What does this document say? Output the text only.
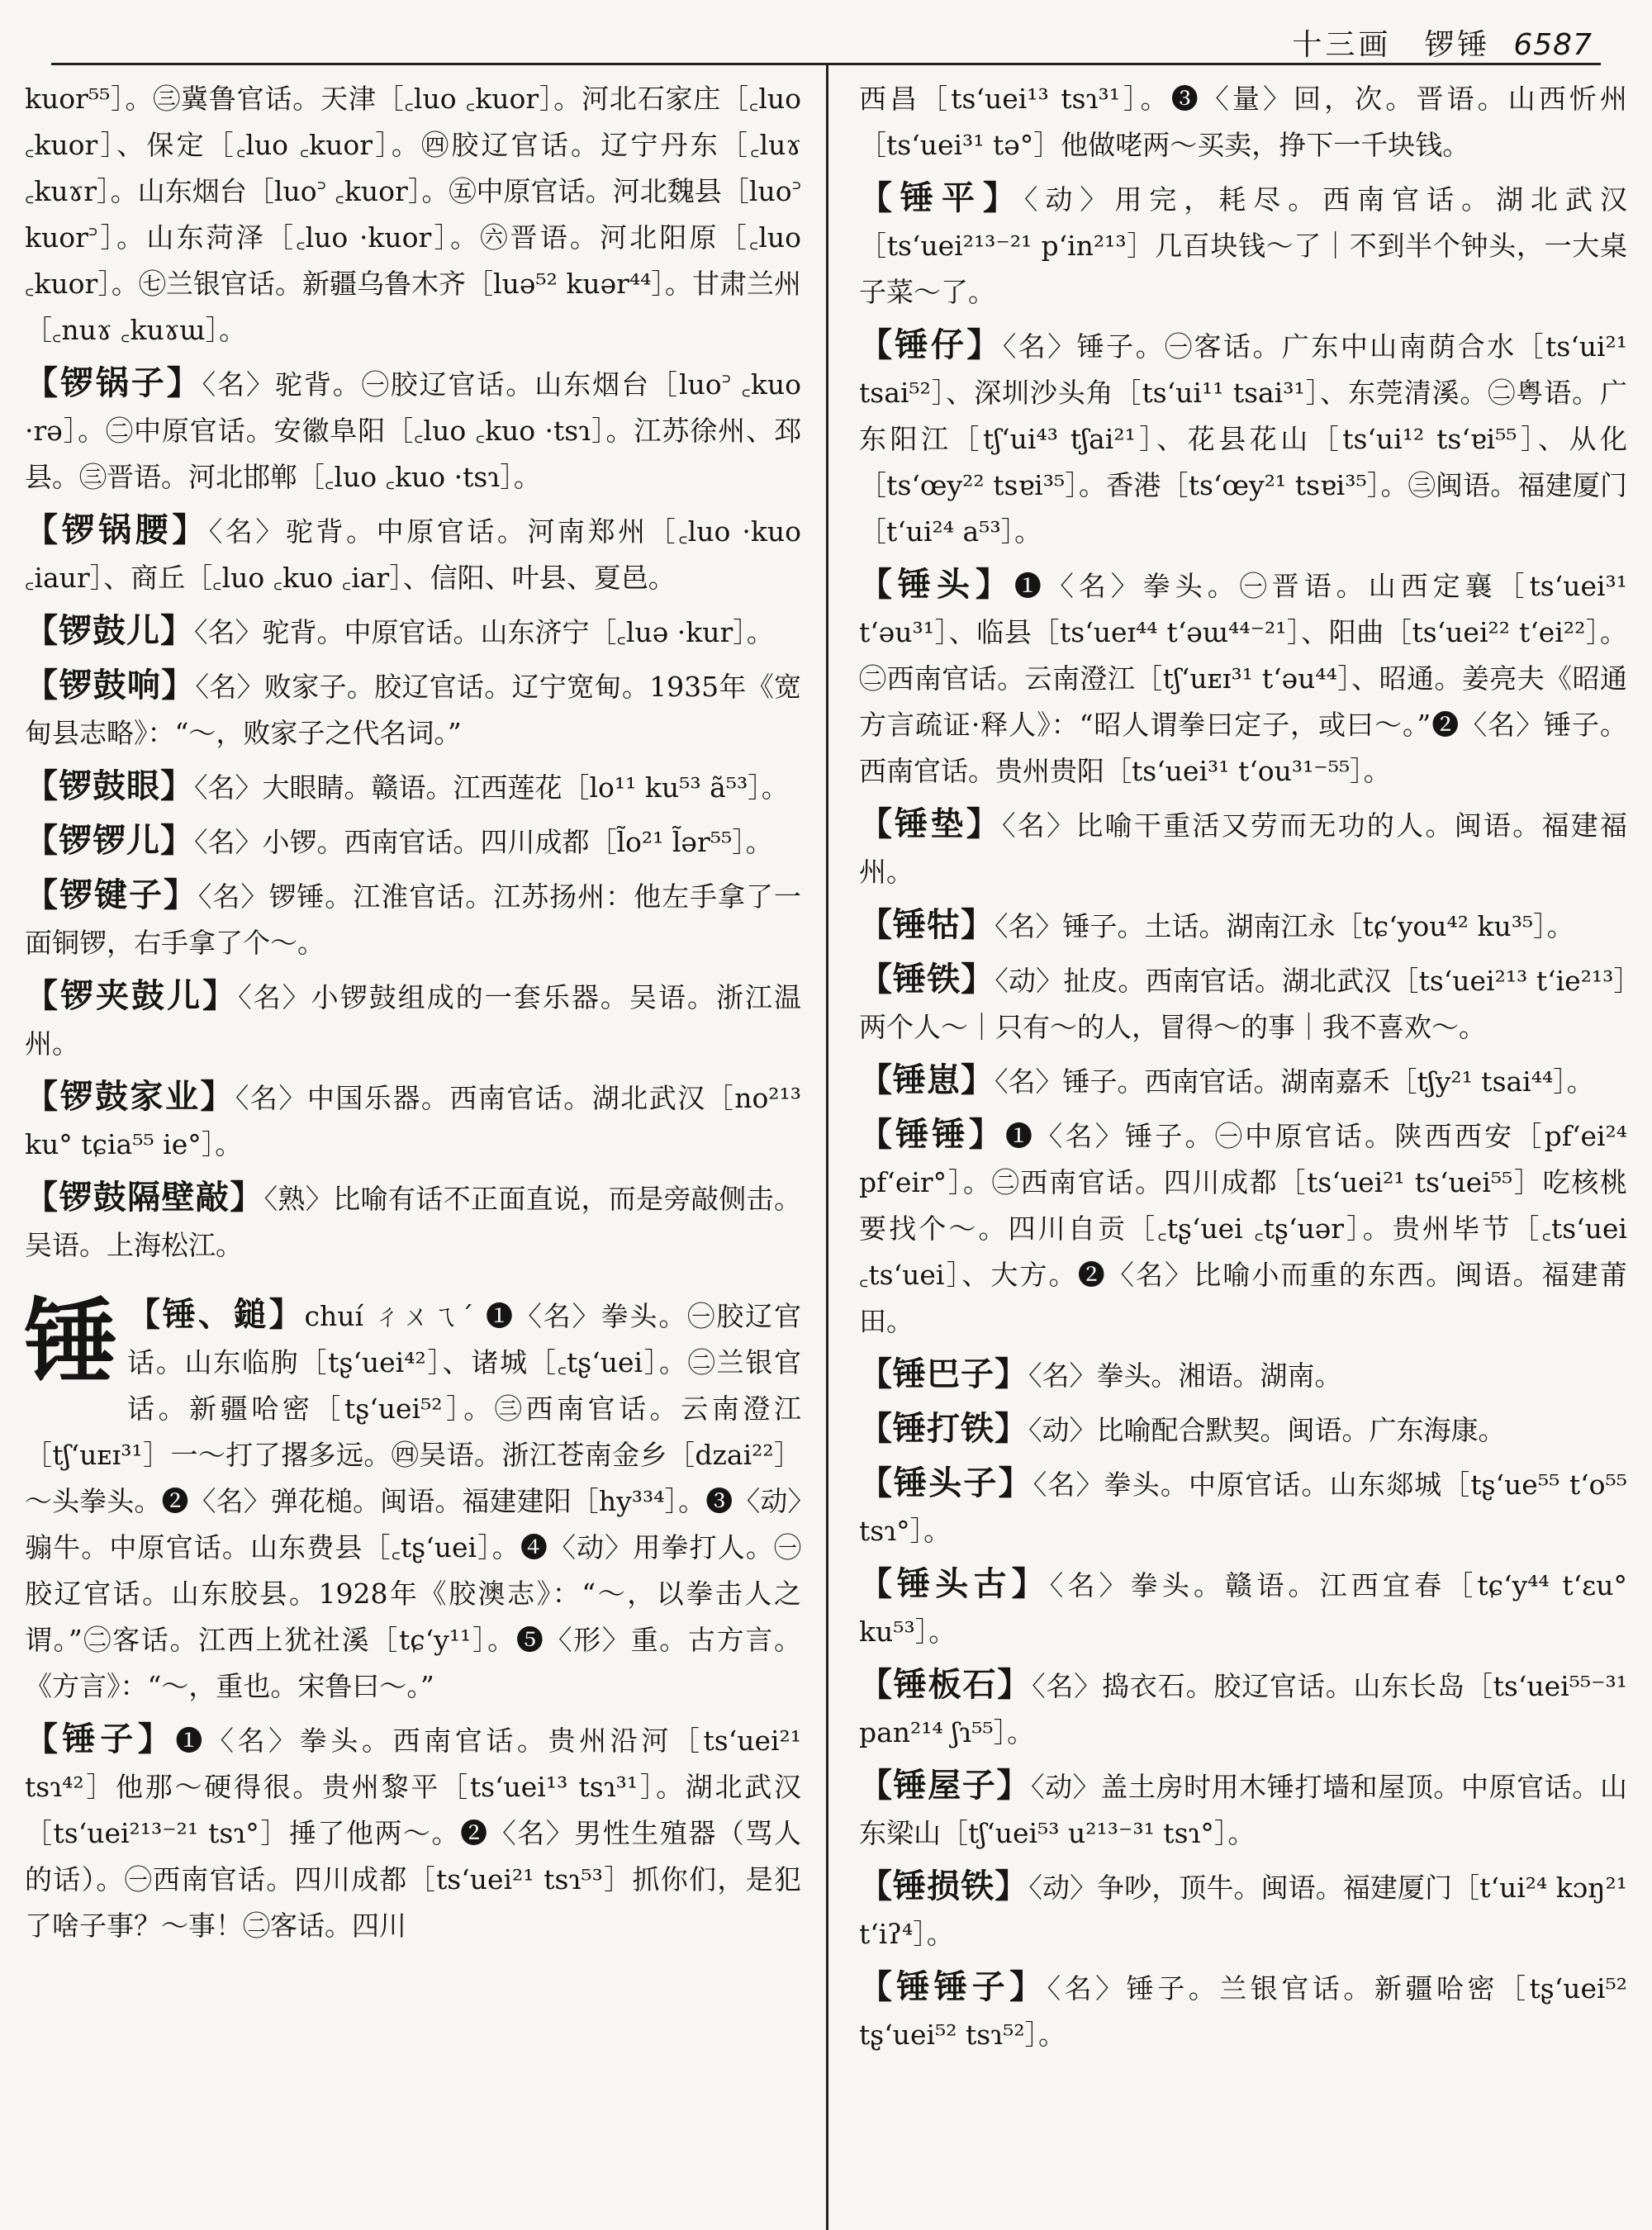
十三画　锣锤 6587

kuor⁵⁵］。㊂冀鲁官话。天津［꜀luo ꜀kuor］。河北石家庄［꜀luo ꜀kuor］、保定［꜀luo ꜀kuor］。㊃胶辽官话。辽宁丹东［꜀luɤ ꜀kuɤr］。山东烟台［luo꜄ ꜀kuor］。㊄中原官话。河北魏县［luo꜄ kuor꜄］。山东菏泽［꜀luo ·kuor］。㊅晋语。河北阳原［꜀luo ꜀kuor］。㊆兰银官话。新疆乌鲁木齐［luə⁵² kuər⁴⁴］。甘肃兰州［꜀nuɤ ꜀kuɤɯ］。

【锣锅子】〈名〉驼背。㊀胶辽官话。山东烟台［luo꜄ ꜀kuo ·rə］。㊁中原官话。安徽阜阳［꜀luo ꜀kuo ·tsɿ］。江苏徐州、邳县。㊂晋语。河北邯郸［꜀luo ꜀kuo ·tsɿ］。

【锣锅腰】〈名〉驼背。中原官话。河南郑州［꜀luo ·kuo ꜀iaur］、商丘［꜀luo ꜀kuo ꜀iar］、信阳、叶县、夏邑。

【锣鼓儿】〈名〉驼背。中原官话。山东济宁［꜀luə ·kur］。

【锣鼓响】〈名〉败家子。胶辽官话。辽宁宽甸。1935年《宽甸县志略》：“～，败家子之代名词。”

【锣鼓眼】〈名〉大眼睛。赣语。江西莲花［lo¹¹ ku⁵³ ã⁵³］。

【锣锣儿】〈名〉小锣。西南官话。四川成都［l̃o²¹ l̃ər⁵⁵］。

【锣键子】〈名〉锣锤。江淮官话。江苏扬州：他左手拿了一面铜锣，右手拿了个～。

【锣夹鼓儿】〈名〉小锣鼓组成的一套乐器。吴语。浙江温州。

【锣鼓家业】〈名〉中国乐器。西南官话。湖北武汉［no²¹³ ku° tɕia⁵⁵ ie°］。

【锣鼓隔壁敲】〈熟〉比喻有话不正面直说，而是旁敲侧击。吴语。上海松江。

锤 【锤、鎚】chuí ㄔㄨㄟˊ ❶〈名〉拳头。㊀胶辽官话。山东临朐［tʂ‘uei⁴²］、诸城［꜀tʂ‘uei］。㊁兰银官话。新疆哈密［tʂ‘uei⁵²］。㊂西南官话。云南澄江［tʃ‘uᴇɪ³¹］一～打了撂多远。㊃吴语。浙江苍南金乡［dzai²²］～头拳头。❷〈名〉弹花槌。闽语。福建建阳［hy³³⁴］。❸〈动〉骟牛。中原官话。山东费县［꜀tʂ‘uei］。❹〈动〉用拳打人。㊀胶辽官话。山东胶县。1928年《胶澳志》：“～，以拳击人之谓。”㊁客话。江西上犹社溪［tɕ‘y¹¹］。❺〈形〉重。古方言。《方言》：“～，重也。宋鲁曰～。”

【锤子】❶〈名〉拳头。西南官话。贵州沿河［ts‘uei²¹ tsɿ⁴²］他那～硬得很。贵州黎平［ts‘uei¹³ tsɿ³¹］。湖北武汉［ts‘uei²¹³⁻²¹ tsɿ°］捶了他两～。❷〈名〉男性生殖器（骂人的话）。㊀西南官话。四川成都［ts‘uei²¹ tsɿ⁵³］抓你们，是犯了啥子事？～事！㊁客话。四川

西昌［ts‘uei¹³ tsɿ³¹］。❸〈量〉回，次。晋语。山西忻州［ts‘uei³¹ tə°］他做咾两～买卖，挣下一千块钱。

【锤平】〈动〉用完，耗尽。西南官话。湖北武汉［ts‘uei²¹³⁻²¹ p‘in²¹³］几百块钱～了｜不到半个钟头，一大桌子菜～了。

【锤仔】〈名〉锤子。㊀客话。广东中山南荫合水［ts‘ui²¹ tsai⁵²］、深圳沙头角［ts‘ui¹¹ tsai³¹］、东莞清溪。㊁粤语。广东阳江［tʃ‘ui⁴³ tʃai²¹］、花县花山［ts‘ui¹² ts‘ɐi⁵⁵］、从化［ts‘œy²² tsɐi³⁵］。香港［ts‘œy²¹ tsɐi³⁵］。㊂闽语。福建厦门［t‘ui²⁴ a⁵³］。

【锤头】❶〈名〉拳头。㊀晋语。山西定襄［ts‘uei³¹ t‘əu³¹］、临县［ts‘ueɪ⁴⁴ t‘əɯ⁴⁴⁻²¹］、阳曲［ts‘uei²² t‘ei²²］。㊁西南官话。云南澄江［tʃ‘uᴇɪ³¹ t‘əu⁴⁴］、昭通。姜亮夫《昭通方言疏证·释人》：“昭人谓拳曰定子，或曰～。”❷〈名〉锤子。西南官话。贵州贵阳［ts‘uei³¹ t‘ou³¹⁻⁵⁵］。

【锤垫】〈名〉比喻干重活又劳而无功的人。闽语。福建福州。

【锤牯】〈名〉锤子。土话。湖南江永［tɕ‘you⁴² ku³⁵］。

【锤铁】〈动〉扯皮。西南官话。湖北武汉［ts‘uei²¹³ t‘ie²¹³］两个人～｜只有～的人，冒得～的事｜我不喜欢～。

【锤崽】〈名〉锤子。西南官话。湖南嘉禾［tʃy²¹ tsai⁴⁴］。

【锤锤】❶〈名〉锤子。㊀中原官话。陕西西安［pf‘ei²⁴ pf‘eir°］。㊁西南官话。四川成都［ts‘uei²¹ ts‘uei⁵⁵］吃核桃要找个～。四川自贡［꜀tʂ‘uei ꜀tʂ‘uər］。贵州毕节［꜀ts‘uei ꜀ts‘uei］、大方。❷〈名〉比喻小而重的东西。闽语。福建莆田。

【锤巴子】〈名〉拳头。湘语。湖南。

【锤打铁】〈动〉比喻配合默契。闽语。广东海康。

【锤头子】〈名〉拳头。中原官话。山东郯城［tʂ‘ue⁵⁵ t‘o⁵⁵ tsɿ°］。

【锤头古】〈名〉拳头。赣语。江西宜春［tɕ‘y⁴⁴ t‘ɛu° ku⁵³］。

【锤板石】〈名〉捣衣石。胶辽官话。山东长岛［ts‘uei⁵⁵⁻³¹ pan²¹⁴ ʃɿ⁵⁵］。

【锤屋子】〈动〉盖土房时用木锤打墙和屋顶。中原官话。山东梁山［tʃ‘uei⁵³ u²¹³⁻³¹ tsɿ°］。

【锤损铁】〈动〉争吵，顶牛。闽语。福建厦门［t‘ui²⁴ kɔŋ²¹ t‘iʔ⁴］。

【锤锤子】〈名〉锤子。兰银官话。新疆哈密［tʂ‘uei⁵² tʂ‘uei⁵² tsɿ⁵²］。
